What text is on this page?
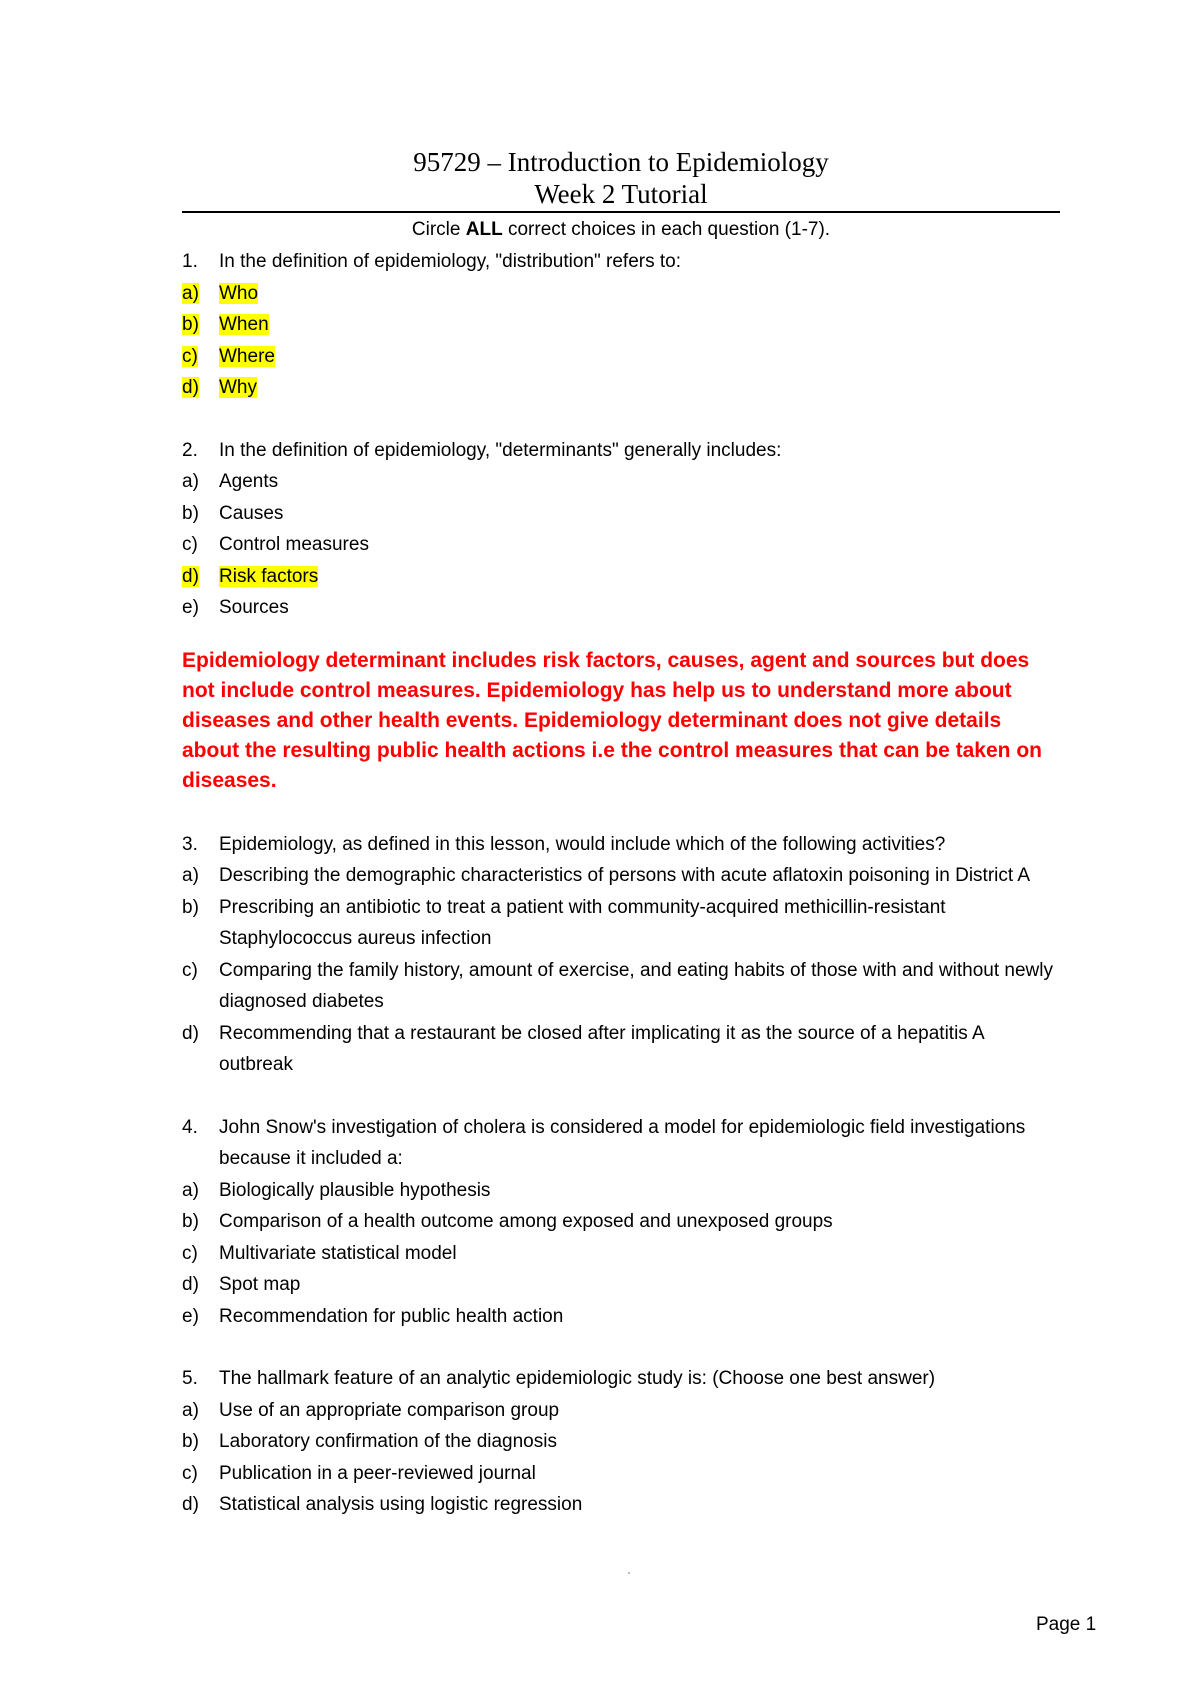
95729 – Introduction to Epidemiology
Week 2 Tutorial
Circle ALL correct choices in each question (1-7).
1.	In the definition of epidemiology, "distribution" refers to:
a)	Who
b)	When
c)	Where
d)	Why
2.	In the definition of epidemiology, "determinants" generally includes:
a)	Agents
b)	Causes
c)	Control measures
d)	Risk factors
e)	Sources
Epidemiology determinant includes risk factors, causes, agent and sources but does not include control measures. Epidemiology has help us to understand more about diseases and other health events. Epidemiology determinant does not give details about the resulting public health actions i.e the control measures that can be taken on diseases.
3.	Epidemiology, as defined in this lesson, would include which of the following activities?
a)	Describing the demographic characteristics of persons with acute aflatoxin poisoning in District A
b)	Prescribing an antibiotic to treat a patient with community-acquired methicillin-resistant Staphylococcus aureus infection
c)	Comparing the family history, amount of exercise, and eating habits of those with and without newly diagnosed diabetes
d)	Recommending that a restaurant be closed after implicating it as the source of a hepatitis A outbreak
4.	John Snow's investigation of cholera is considered a model for epidemiologic field investigations because it included a:
a)	Biologically plausible hypothesis
b)	Comparison of a health outcome among exposed and unexposed groups
c)	Multivariate statistical model
d)	Spot map
e)	Recommendation for public health action
5.	The hallmark feature of an analytic epidemiologic study is: (Choose one best answer)
a)	Use of an appropriate comparison group
b)	Laboratory confirmation of the diagnosis
c)	Publication in a peer-reviewed journal
d)	Statistical analysis using logistic regression
Page 1
